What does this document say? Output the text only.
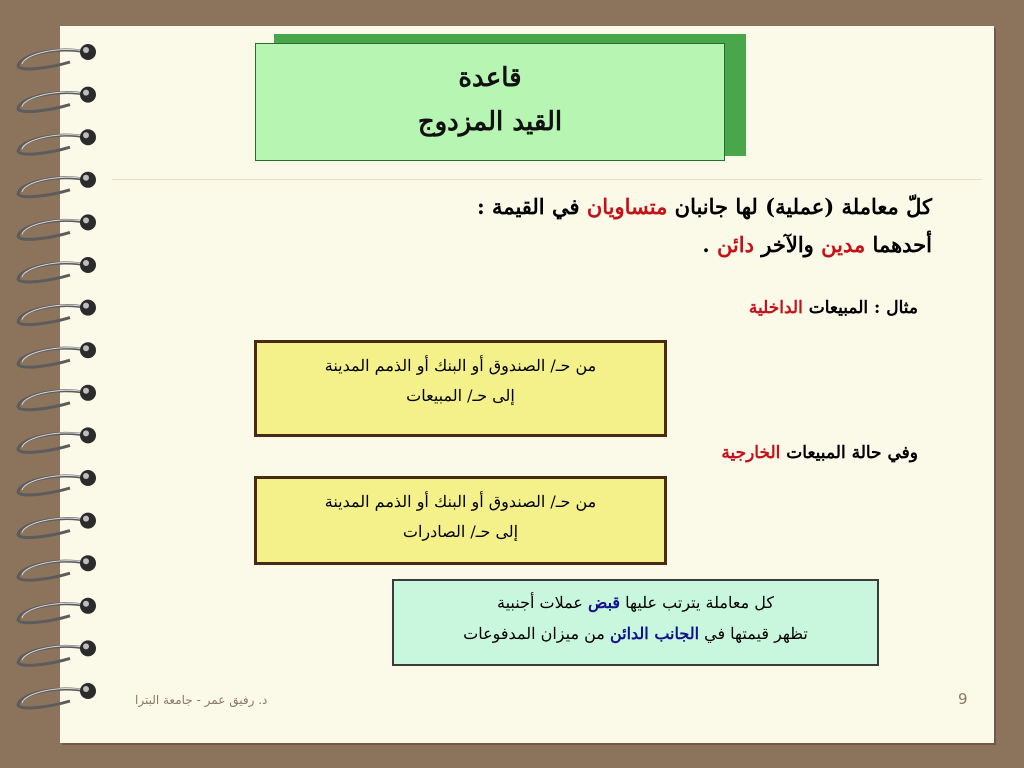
قاعدة
القيد المزدوج
كلّ معاملة (عملية) لها جانبان متساويان في القيمة :
أحدهما مدين والآخر دائن .
مثال : المبيعات الداخلية
من حـ/ الصندوق أو البنك أو الذمم المدينة
إلى حـ/ المبيعات
وفي حالة المبيعات الخارجية
من حـ/ الصندوق أو البنك أو الذمم المدينة
إلى حـ/ الصادرات
كل معاملة يترتب عليها قبض عملات أجنبية
تظهر قيمتها في الجانب الدائن من ميزان المدفوعات
د. رفيق عمر - جامعة البترا	9
